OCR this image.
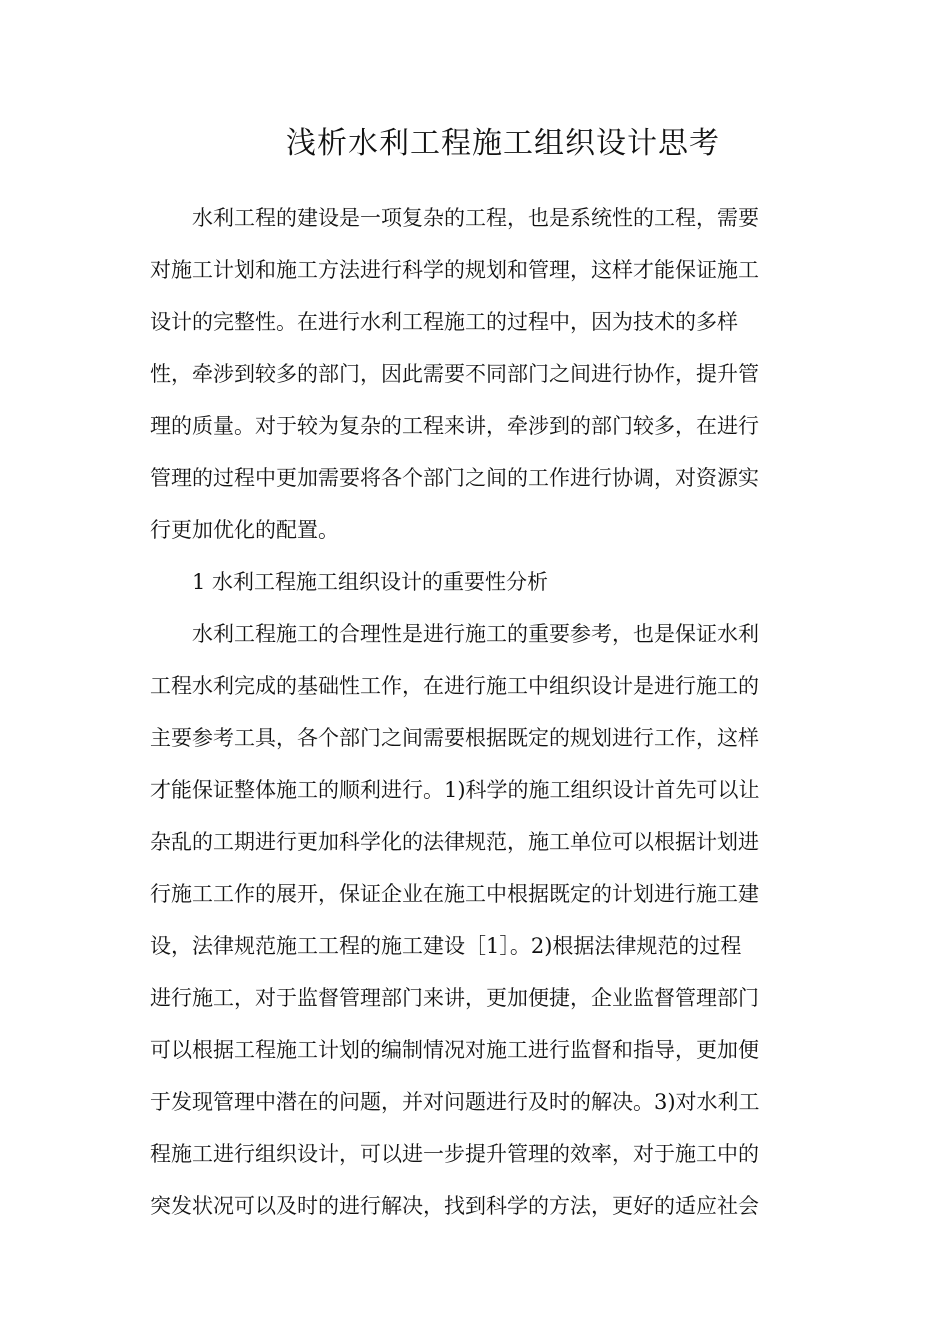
浅析水利工程施工组织设计思考
水利工程的建设是一项复杂的工程，也是系统性的工程，需要
对施工计划和施工方法进行科学的规划和管理，这样才能保证施工
设计的完整性。在进行水利工程施工的过程中，因为技术的多样
性，牵涉到较多的部门，因此需要不同部门之间进行协作，提升管
理的质量。对于较为复杂的工程来讲，牵涉到的部门较多，在进行
管理的过程中更加需要将各个部门之间的工作进行协调，对资源实
行更加优化的配置。
1 水利工程施工组织设计的重要性分析
水利工程施工的合理性是进行施工的重要参考，也是保证水利
工程水利完成的基础性工作，在进行施工中组织设计是进行施工的
主要参考工具，各个部门之间需要根据既定的规划进行工作，这样
才能保证整体施工的顺利进行。1)科学的施工组织设计首先可以让
杂乱的工期进行更加科学化的法律规范，施工单位可以根据计划进
行施工工作的展开，保证企业在施工中根据既定的计划进行施工建
设，法律规范施工工程的施工建设［1］。2)根据法律规范的过程
进行施工，对于监督管理部门来讲，更加便捷，企业监督管理部门
可以根据工程施工计划的编制情况对施工进行监督和指导，更加便
于发现管理中潜在的问题，并对问题进行及时的解决。3)对水利工
程施工进行组织设计，可以进一步提升管理的效率，对于施工中的
突发状况可以及时的进行解决，找到科学的方法，更好的适应社会
